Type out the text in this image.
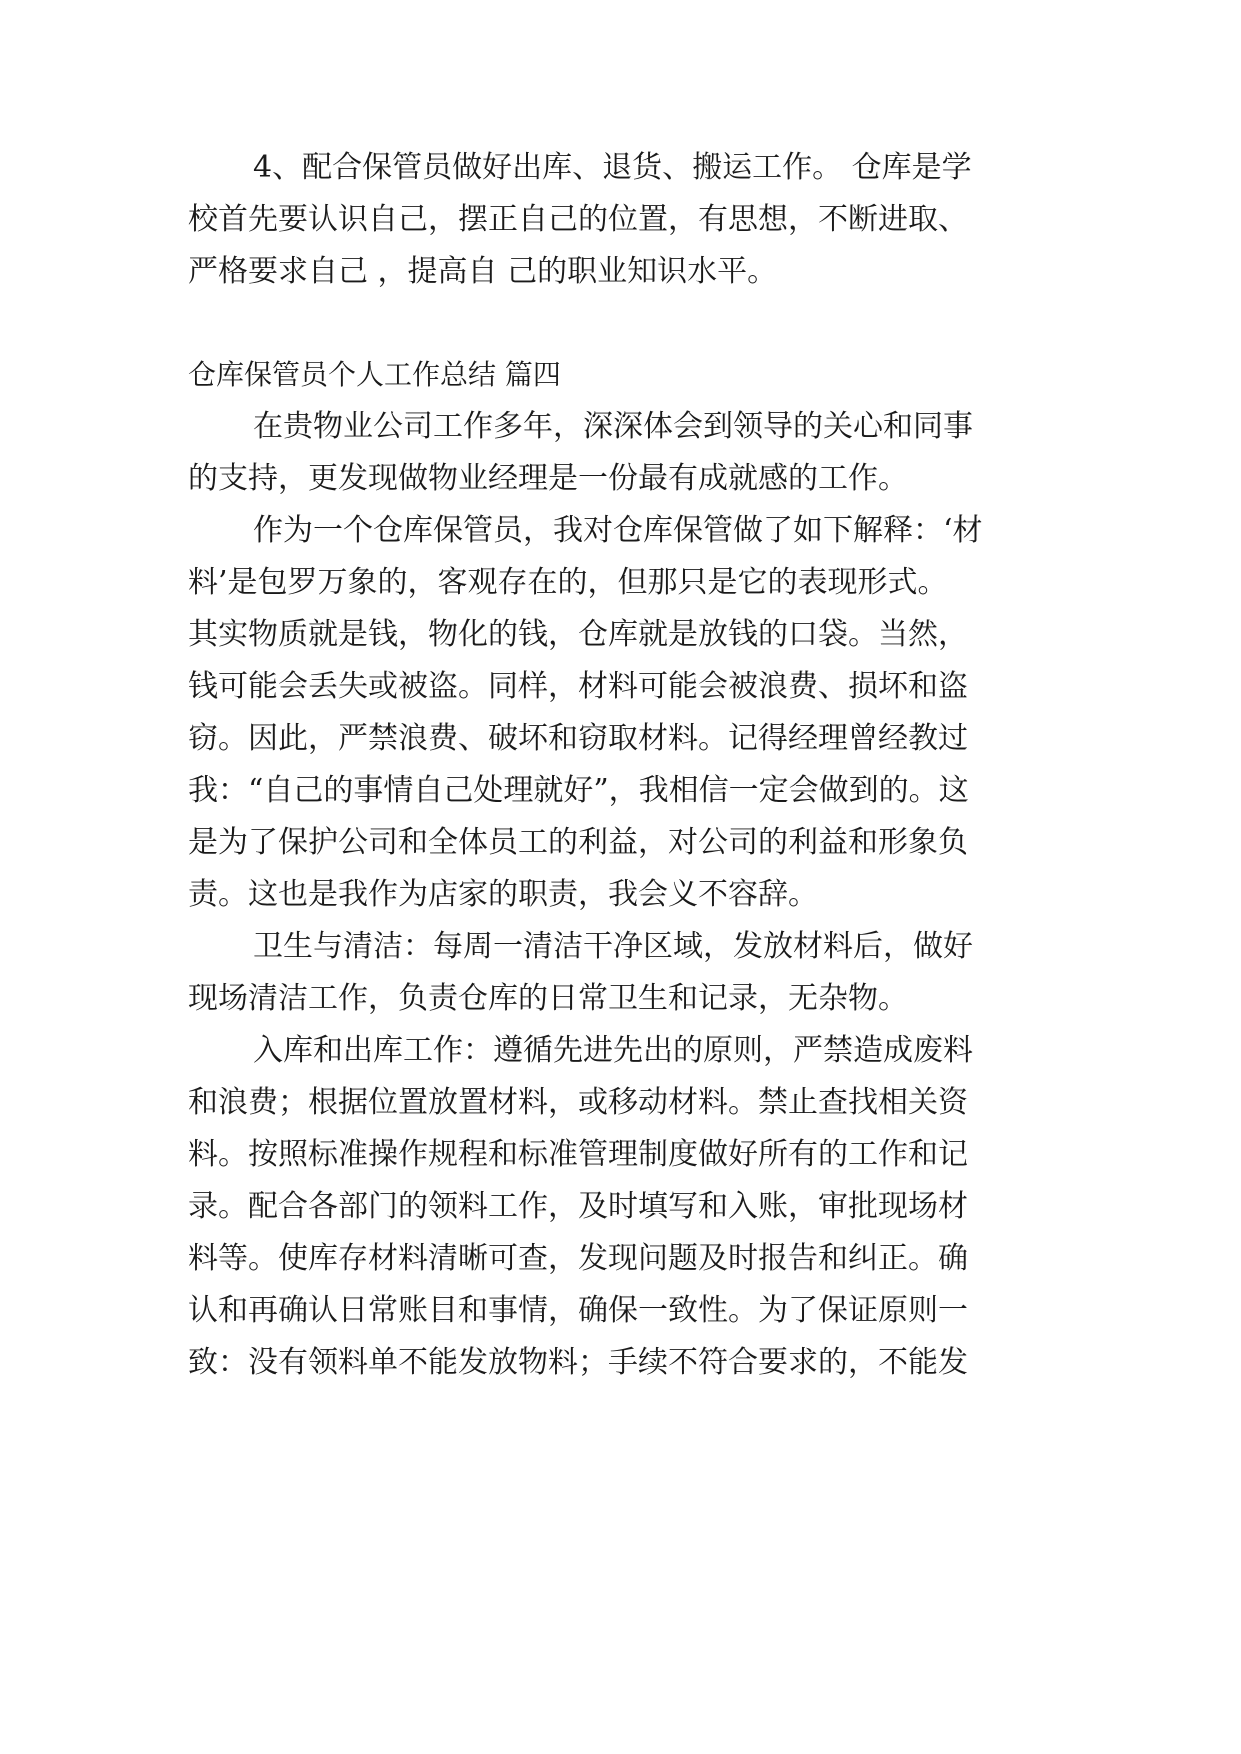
4、配合保管员做好出库、退货、搬运工作。 仓库是学
校首先要认识自己，摆正自己的位置，有思想，不断进取、
严格要求自己 ，提高自 己的职业知识水平。
仓库保管员个人工作总结 篇四
在贵物业公司工作多年，深深体会到领导的关心和同事
的支持，更发现做物业经理是一份最有成就感的工作。
作为一个仓库保管员，我对仓库保管做了如下解释：‘材
料’是包罗万象的，客观存在的，但那只是它的表现形式。
其实物质就是钱，物化的钱，仓库就是放钱的口袋。当然，
钱可能会丢失或被盗。同样，材料可能会被浪费、损坏和盗
窃。因此，严禁浪费、破坏和窃取材料。记得经理曾经教过
我：“自己的事情自己处理就好”，我相信一定会做到的。这
是为了保护公司和全体员工的利益，对公司的利益和形象负
责。这也是我作为店家的职责，我会义不容辞。
卫生与清洁：每周一清洁干净区域，发放材料后，做好
现场清洁工作，负责仓库的日常卫生和记录，无杂物。
入库和出库工作：遵循先进先出的原则，严禁造成废料
和浪费；根据位置放置材料，或移动材料。禁止查找相关资
料。按照标准操作规程和标准管理制度做好所有的工作和记
录。配合各部门的领料工作，及时填写和入账，审批现场材
料等。使库存材料清晰可查，发现问题及时报告和纠正。确
认和再确认日常账目和事情，确保一致性。为了保证原则一
致：没有领料单不能发放物料；手续不符合要求的，不能发
